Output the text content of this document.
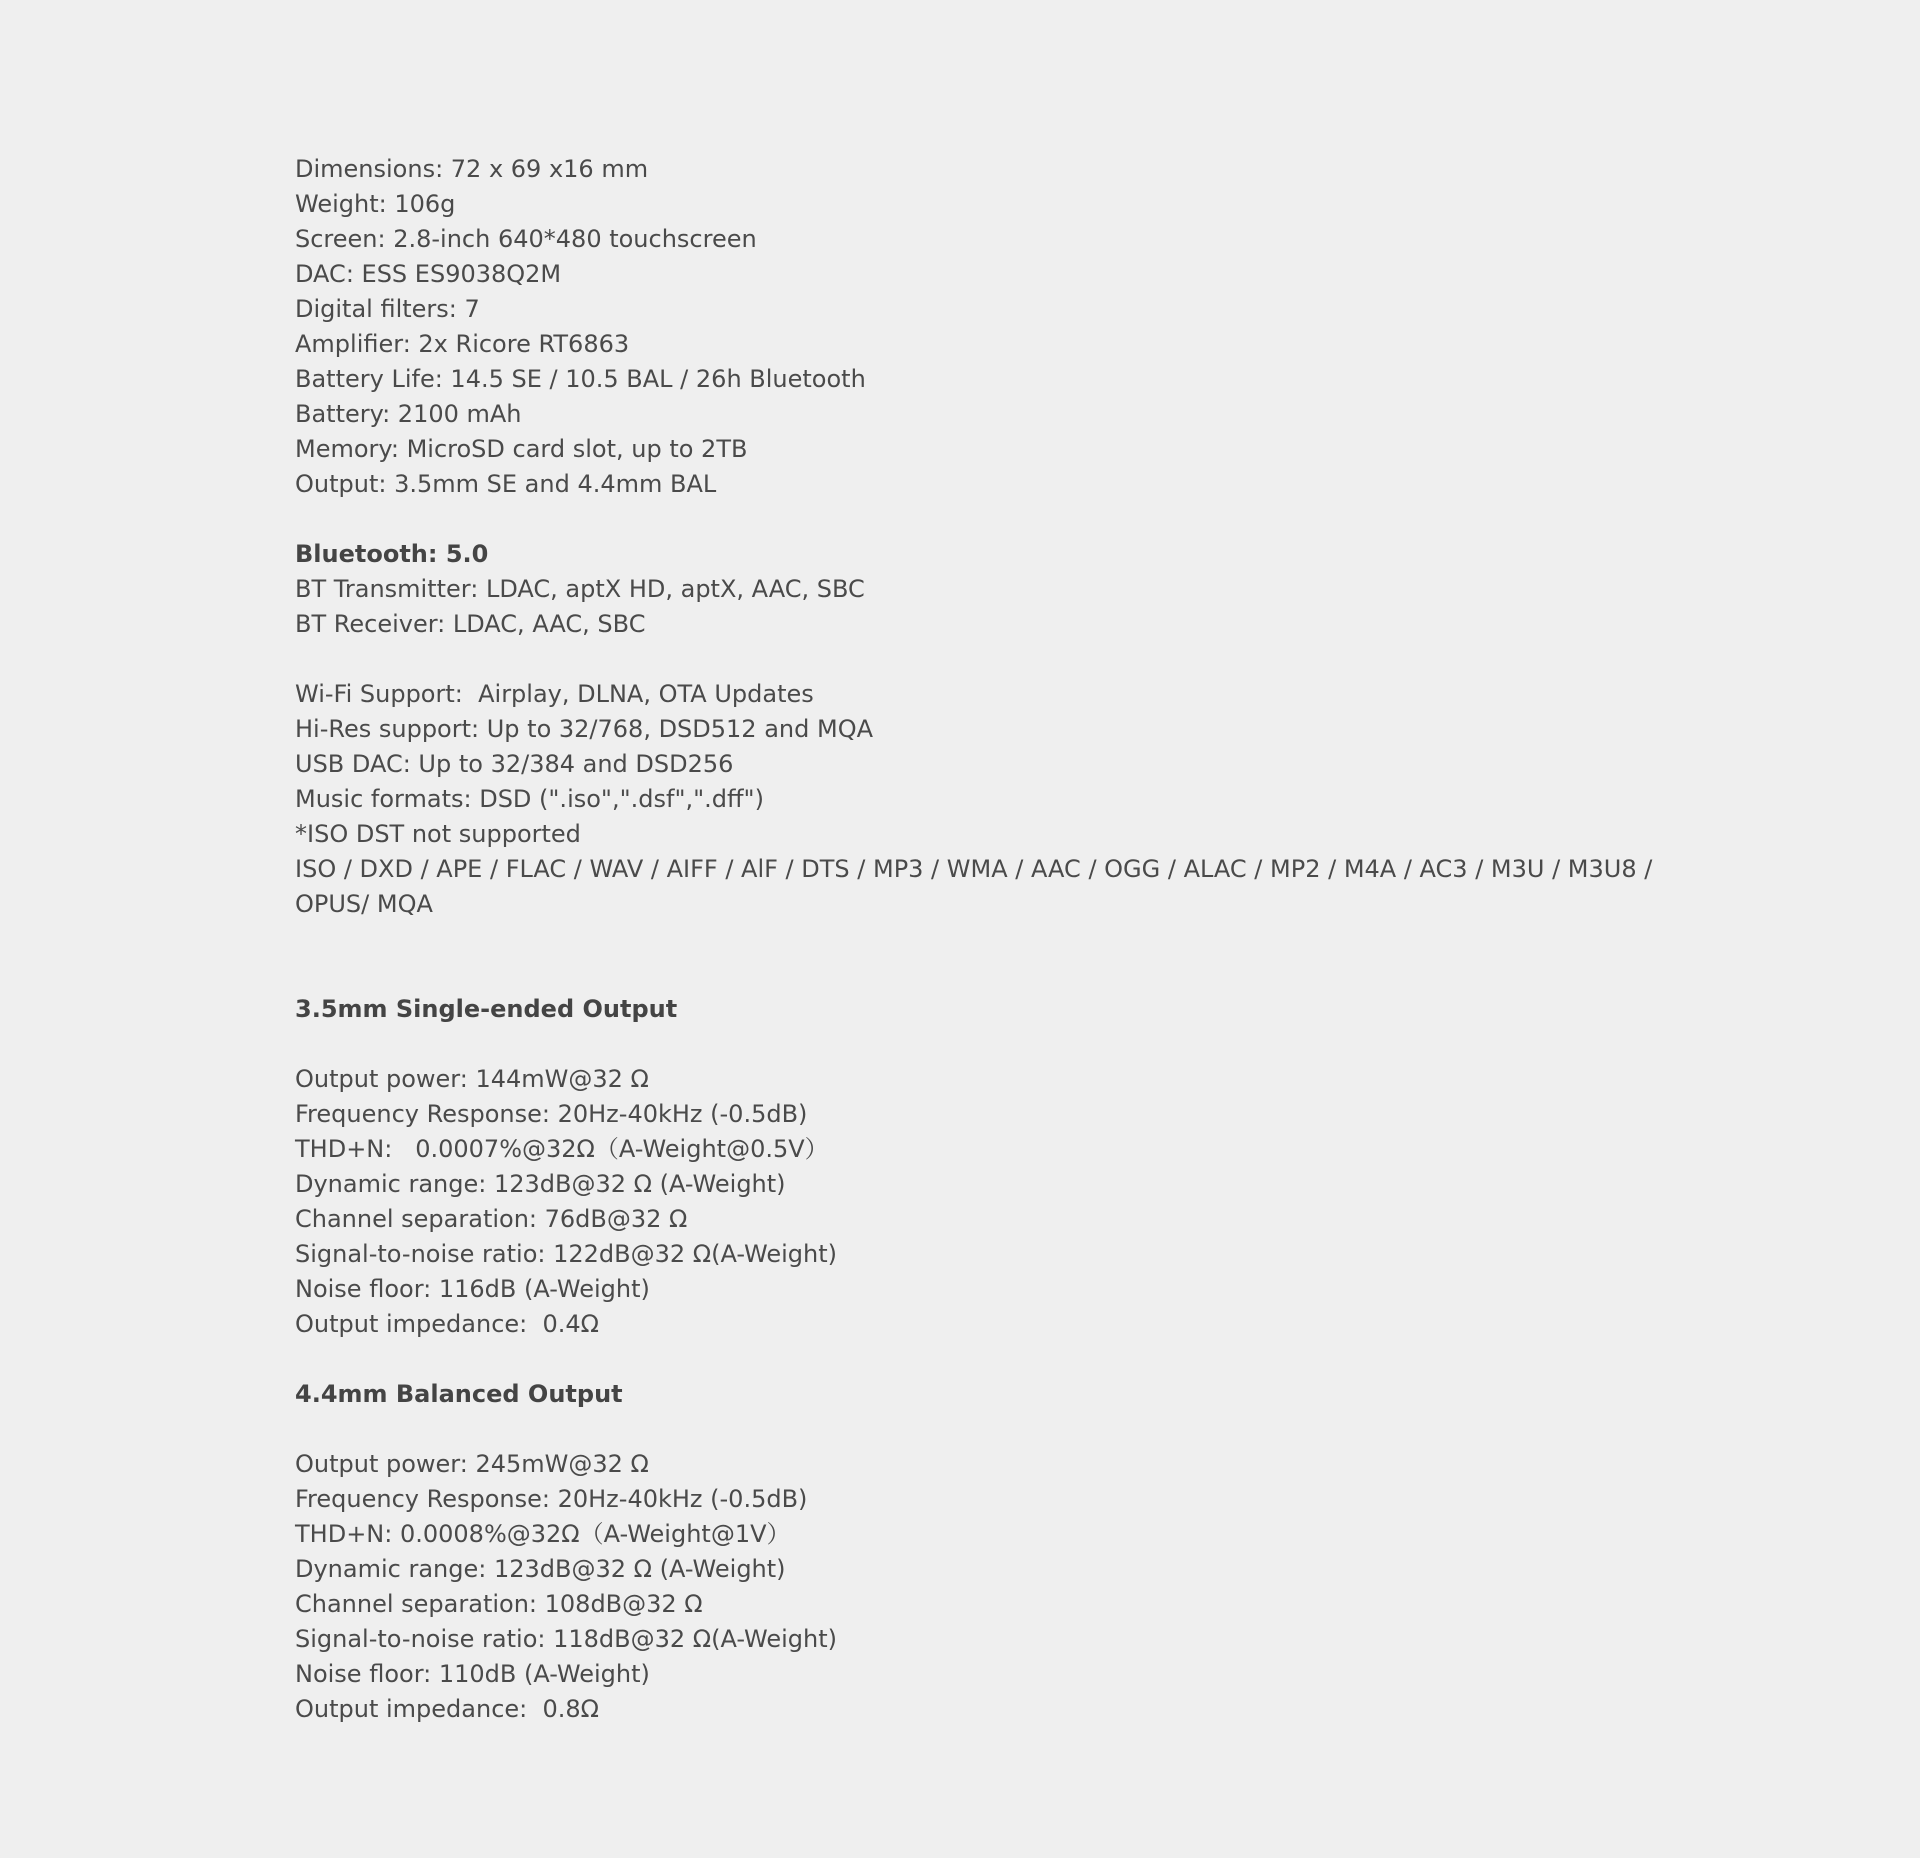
Dimensions: 72 x 69 x16 mm
Weight: 106g
Screen: 2.8-inch 640*480 touchscreen
DAC: ESS ES9038Q2M
Digital filters: 7
Amplifier: 2x Ricore RT6863
Battery Life: 14.5 SE / 10.5 BAL / 26h Bluetooth
Battery: 2100 mAh
Memory: MicroSD card slot, up to 2TB
Output: 3.5mm SE and 4.4mm BAL
Bluetooth: 5.0
BT Transmitter: LDAC, aptX HD, aptX, AAC, SBC
BT Receiver: LDAC, AAC, SBC
Wi-Fi Support:  Airplay, DLNA, OTA Updates
Hi-Res support: Up to 32/768, DSD512 and MQA
USB DAC: Up to 32/384 and DSD256
Music formats: DSD (".iso",".dsf",".dff")
*ISO DST not supported
ISO / DXD / APE / FLAC / WAV / AIFF / AlF / DTS / MP3 / WMA / AAC / OGG / ALAC / MP2 / M4A / AC3 / M3U / M3U8 / OPUS/ MQA
3.5mm Single-ended Output
Output power: 144mW@32 Ω
Frequency Response: 20Hz-40kHz (-0.5dB)
THD+N:   0.0007%@32Ω（A-Weight@0.5V）
Dynamic range: 123dB@32 Ω (A-Weight)
Channel separation: 76dB@32 Ω
Signal-to-noise ratio: 122dB@32 Ω(A-Weight)
Noise floor: 116dB (A-Weight)
Output impedance:  0.4Ω
4.4mm Balanced Output
Output power: 245mW@32 Ω
Frequency Response: 20Hz-40kHz (-0.5dB)
THD+N: 0.0008%@32Ω（A-Weight@1V）
Dynamic range: 123dB@32 Ω (A-Weight)
Channel separation: 108dB@32 Ω
Signal-to-noise ratio: 118dB@32 Ω(A-Weight)
Noise floor: 110dB (A-Weight)
Output impedance:  0.8Ω
